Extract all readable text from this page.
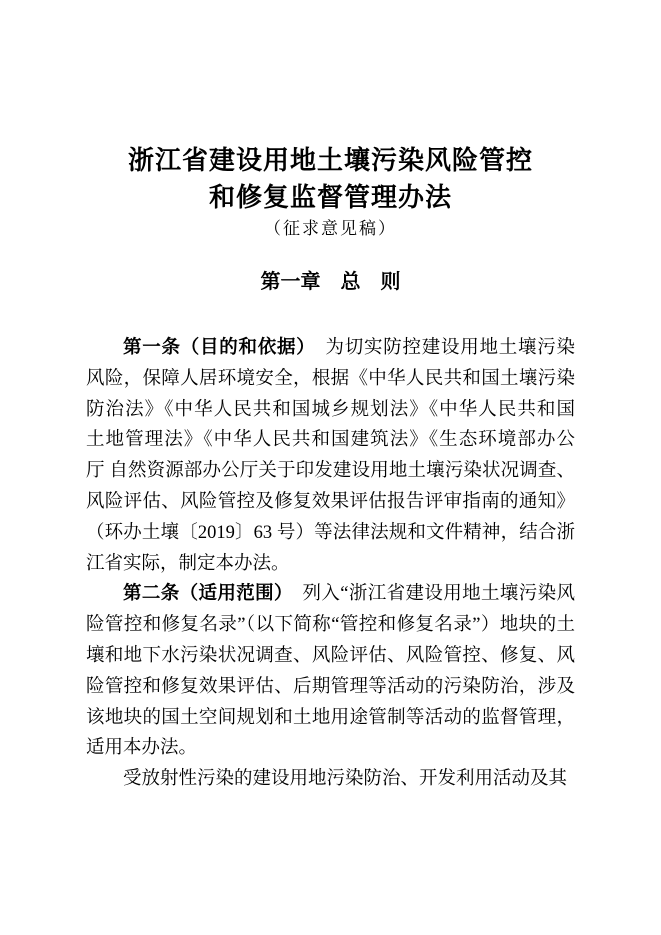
浙江省建设用地土壤污染风险管控
和修复监督管理办法
（征求意见稿）
第一章　总　则
第一条（目的和依据） 为切实防控建设用地土壤污染
风险，保障人居环境安全，根据《中华人民共和国土壤污染
防治法》《中华人民共和国城乡规划法》《中华人民共和国
土地管理法》《中华人民共和国建筑法》《生态环境部办公
厅 自然资源部办公厅关于印发建设用地土壤污染状况调查、
风险评估、风险管控及修复效果评估报告评审指南的通知》
（环办土壤〔2019〕63 号）等法律法规和文件精神，结合浙
江省实际，制定本办法。
第二条（适用范围） 列入“浙江省建设用地土壤污染风
险管控和修复名录”（以下简称“管控和修复名录”）地块的土
壤和地下水污染状况调查、风险评估、风险管控、修复、风
险管控和修复效果评估、后期管理等活动的污染防治，涉及
该地块的国土空间规划和土地用途管制等活动的监督管理，
适用本办法。
受放射性污染的建设用地污染防治、开发利用活动及其
